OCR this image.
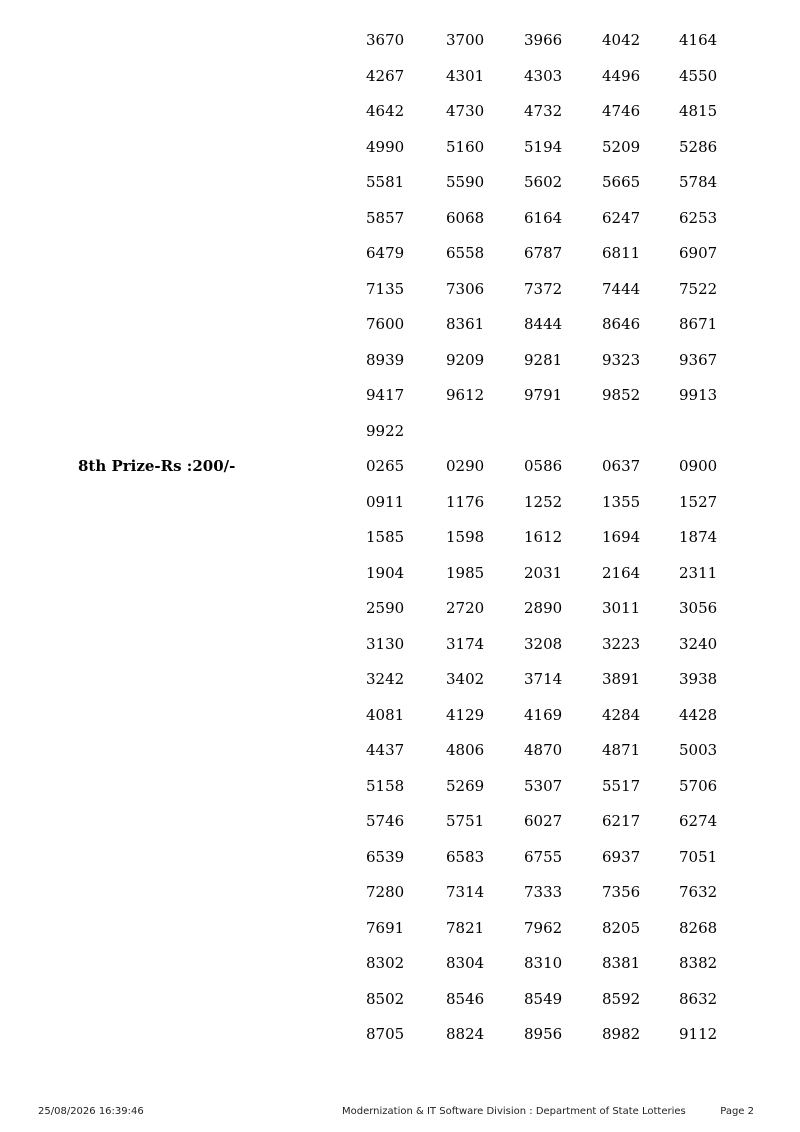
3670	3700	3966	4042	4164
4267	4301	4303	4496	4550
4642	4730	4732	4746	4815
4990	5160	5194	5209	5286
5581	5590	5602	5665	5784
5857	6068	6164	6247	6253
6479	6558	6787	6811	6907
7135	7306	7372	7444	7522
7600	8361	8444	8646	8671
8939	9209	9281	9323	9367
9417	9612	9791	9852	9913
9922
8th Prize-Rs :200/-	0265	0290	0586	0637	0900
0911	1176	1252	1355	1527
1585	1598	1612	1694	1874
1904	1985	2031	2164	2311
2590	2720	2890	3011	3056
3130	3174	3208	3223	3240
3242	3402	3714	3891	3938
4081	4129	4169	4284	4428
4437	4806	4870	4871	5003
5158	5269	5307	5517	5706
5746	5751	6027	6217	6274
6539	6583	6755	6937	7051
7280	7314	7333	7356	7632
7691	7821	7962	8205	8268
8302	8304	8310	8381	8382
8502	8546	8549	8592	8632
8705	8824	8956	8982	9112
25/08/2026 16:39:46	Modernization & IT Software Division : Department of State Lotteries	Page 2
